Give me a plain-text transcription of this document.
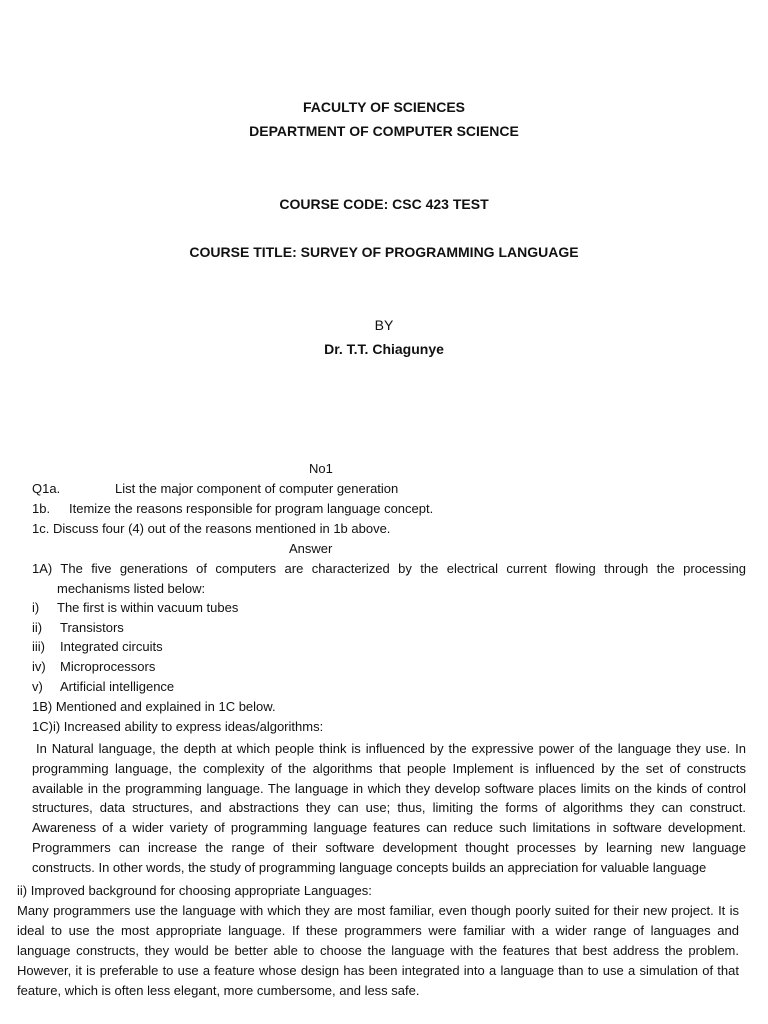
FACULTY OF SCIENCES
DEPARTMENT OF COMPUTER SCIENCE
COURSE CODE: CSC 423 TEST
COURSE TITLE: SURVEY OF PROGRAMMING LANGUAGE
BY
Dr. T.T. Chiagunye
No1
Q1a.	List the major component of computer generation
1b. Itemize the reasons responsible for program language concept.
1c. Discuss four (4) out of the reasons mentioned in 1b above.
Answer
1A) The five generations of computers are characterized by the electrical current flowing through the processing
mechanisms listed below:
i) The first is within vacuum tubes
ii) Transistors
iii) Integrated circuits
iv) Microprocessors
v) Artificial intelligence
1B) Mentioned and explained in 1C below.
1C)i) Increased ability to express ideas/algorithms:

In Natural language, the depth at which people think is influenced by the expressive power of the language they use. In programming language, the complexity of the algorithms that people Implement is influenced by the set of constructs available in the programming language. The language in which they develop software places limits on the kinds of control structures, data structures, and abstractions they can use; thus, limiting the forms of algorithms they can construct. Awareness of a wider variety of programming language features can reduce such limitations in software development. Programmers can increase the range of their software development thought processes by learning new language constructs. In other words, the study of programming language concepts builds an appreciation for valuable language

ii) Improved background for choosing appropriate Languages:

Many programmers use the language with which they are most familiar, even though poorly suited for their new project. It is ideal to use the most appropriate language. If these programmers were familiar with a wider range of languages and language constructs, they would be better able to choose the language with the features that best address the problem. However, it is preferable to use a feature whose design has been integrated into a language than to use a simulation of that feature, which is often less elegant, more cumbersome, and less safe.
